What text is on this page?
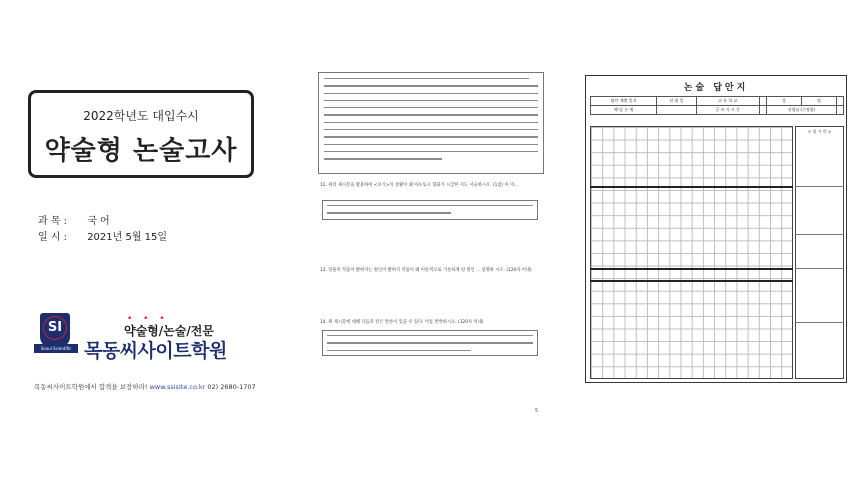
2022학년도 대입수시
약술형 논술고사
과 목 : 국 어
일 시 : 2021년 5월 15일
SI
Seoul Scientific Institute
• • •
약술형/논술/전문
목동씨사이트학원
목동씨사이트학원에서 합격을 보장하라! www.ssisite.co.kr 02) 2680-1707
12. 위의 제시문을 활용하여 <보기>의 상황이 왜 아포토시 형화가 시급한 지도 서술하시오. (1점) 이 미...
13. 밑줄의 작품이 밝혀지는 원인이 밝혀지 작품이 왜 이론적으로 거론하게 된 원인 ... 설명하 시오. (120자 이내)
14. 위 제시문에 대해 다음과 같은 반론이 있을 수 있다. 이를 반박하시오. (120자 이내)
5
논술 답안지
답안 제출 일자	년 월 일	고 등 학 교		성	명	
해 당 논 제		글 쓰 기 시 간		선생님 (수정함)		
< 평 가 란 >
